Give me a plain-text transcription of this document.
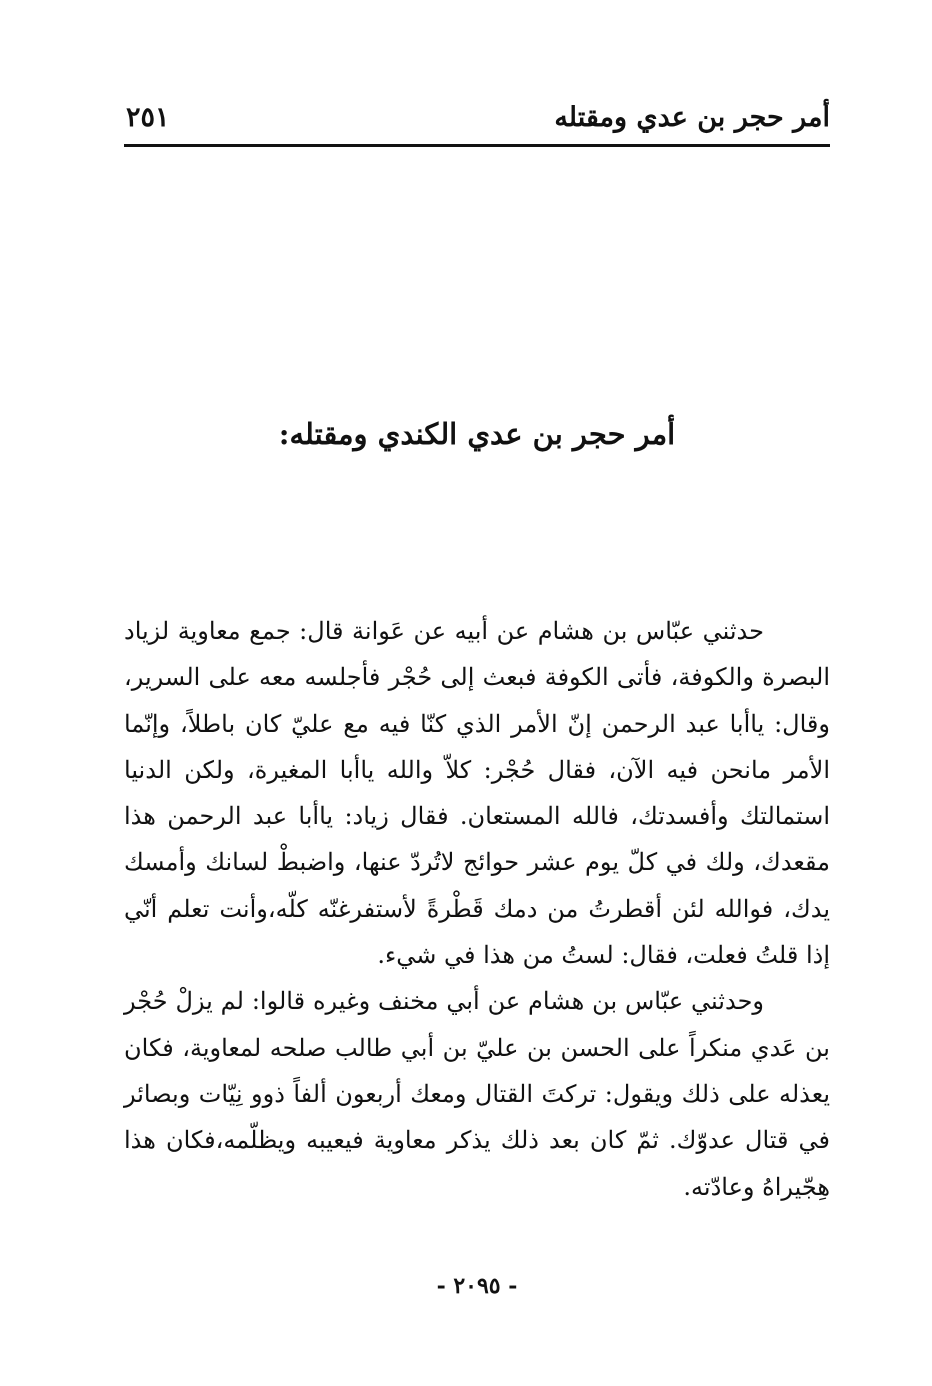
أمر حجر بن عدي ومقتله
٢٥١
أمر حجر بن عدي الكندي ومقتله:

حدثني عبّاس بن هشام عن أبيه عن عَوانة قال: جمع معاوية لزياد البصرة والكوفة، فأتى الكوفة فبعث إلى حُجْر فأجلسه معه على السرير، وقال: ياأبا عبد الرحمن إنّ الأمر الذي كنّا فيه مع عليّ كان باطلاً، وإنّما الأمر مانحن فيه الآن، فقال حُجْر: كلاّ والله ياأبا المغيرة، ولكن الدنيا استمالتك وأفسدتك، فالله المستعان. فقال زياد: ياأبا عبد الرحمن هذا مقعدك، ولك في كلّ يوم عشر حوائج لاتُردّ عنها، واضبطْ لسانك وأمسك يدك، فوالله لئن أقطرتُ من دمك قَطْرةً لأستفرغنّه كلّه،وأنت تعلم أنّي إذا قلتُ فعلت، فقال: لستُ من هذا في شيء.

وحدثني عبّاس بن هشام عن أبي مخنف وغيره قالوا: لم يزلْ حُجْر بن عَدي منكراً على الحسن بن عليّ بن أبي طالب صلحه لمعاوية، فكان يعذله على ذلك ويقول: تركتَ القتال ومعك أربعون ألفاً ذوو نِيّات وبصائر في قتال عدوّك. ثمّ كان بعد ذلك يذكر معاوية فيعيبه ويظلّمه،فكان هذا هِجّيراهُ وعادّته.

- ٢٠٩٥ -
